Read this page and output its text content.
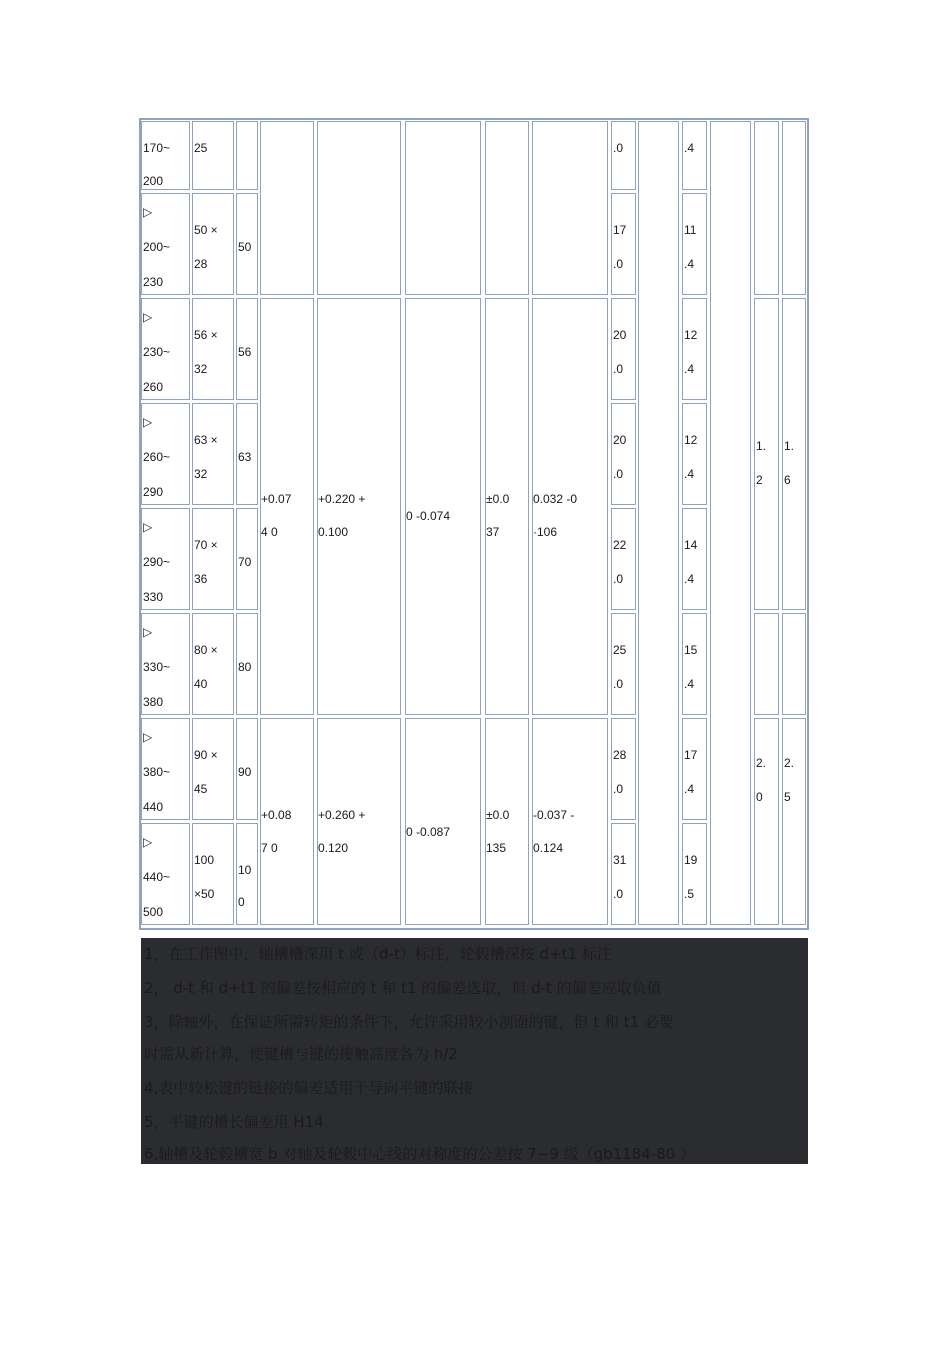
170~
200
25	.0	.4
▷
200~
230
50 ×
28
50
17
.0
11
.4
▷
230~
260
56 ×
32
56
20
.0
12
.4
▷
260~
290
63 ×
32
63
20
.0
12
.4
▷
290~
330
70 ×
36
70
22
.0
14
.4
▷
330~
380
80 ×
40
80
25
.0
15
.4
▷
380~
440
90 ×
45
90
28
.0
17
.4
▷
440~
500
100
×50
10
0
31
.0
19
.5
+0.07
4 0
+0.220 +
0.100
0 -0.074
±0.0
37
0.032 -0
·106
+0.08
7 0
+0.260 +
0.120
0 -0.087
±0.0
135
-0.037 -
0.124
1.
2
1.
6
2.
0
2.
5
1，在工作图中，轴槽槽深用 t 或（d-t）标注，轮毂槽深按 d+t1 标注
2， d-t 和 d+t1 的偏差按相应的 t 和 t1 的偏差选取，但 d-t 的偏差应取负值
3，除轴外，在保证所需转矩的条件下，允许采用较小剖面的键，但 t 和 t1 必要
时需从新计算，使键槽与键的接触高度各为 h/2
4,表中较松键的链接的偏差适用于导向平键的联接
5，平键的槽长偏差用 H14
6,轴槽及轮毂槽宽 b 对轴及轮毂中心线的对称度的公差按 7~9 级（gb1184-80 ）
